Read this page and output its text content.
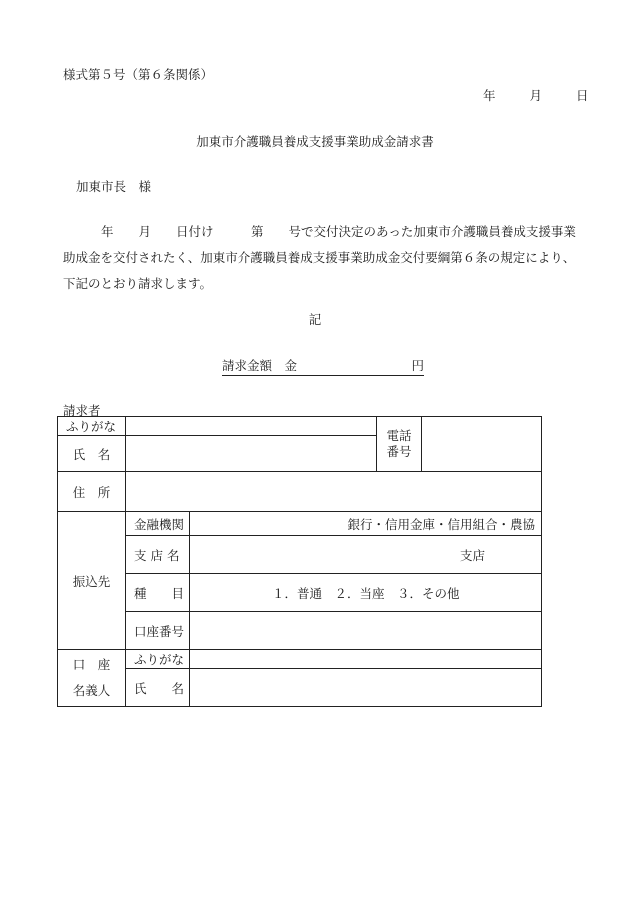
様式第５号（第６条関係）
年	月	日
加東市介護職員養成支援事業助成金請求書
加東市長　様
年　　月　　日付け　　　第　　号で交付決定のあった加東市介護職員養成支援事業
助成金を交付されたく、加東市介護職員養成支援事業助成金交付要綱第６条の規定により、
下記のとおり請求します。
記
請求金額　金	円
請求者
ふりがな			電話番号	
氏　名				
住　所				
振込先	金融機関	銀行・信用金庫・信用組合・農協		
	支 店 名	支店		
	種　　目	１．普通　２．当座　３．その他		
	口座番号			

口　座
名義人	ふりがな			
	氏　　名			
